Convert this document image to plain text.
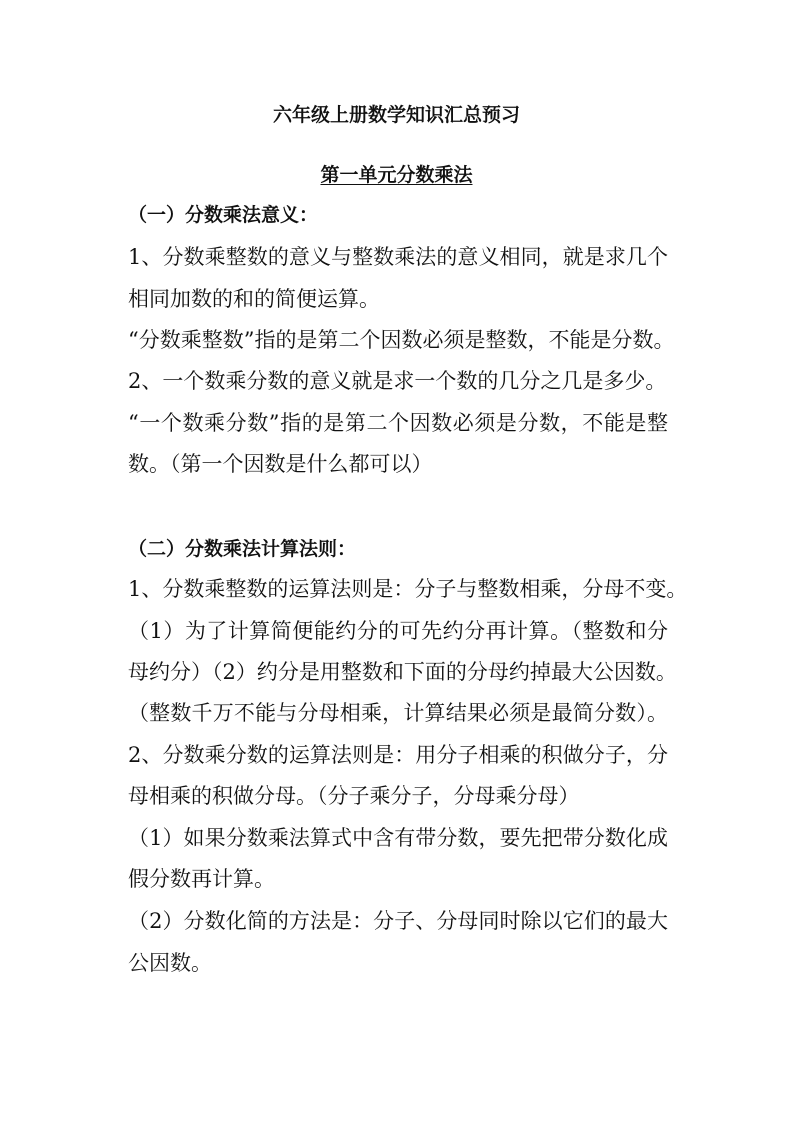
六年级上册数学知识汇总预习
第一单元分数乘法
（一）分数乘法意义：
1、分数乘整数的意义与整数乘法的意义相同，就是求几个
相同加数的和的简便运算。
“分数乘整数”指的是第二个因数必须是整数，不能是分数。
2、一个数乘分数的意义就是求一个数的几分之几是多少。
“一个数乘分数”指的是第二个因数必须是分数，不能是整
数。（第一个因数是什么都可以）
（二）分数乘法计算法则：
1、分数乘整数的运算法则是：分子与整数相乘，分母不变。
（1）为了计算简便能约分的可先约分再计算。（整数和分
母约分）（2）约分是用整数和下面的分母约掉最大公因数。
（整数千万不能与分母相乘，计算结果必须是最简分数）。
2、分数乘分数的运算法则是：用分子相乘的积做分子，分
母相乘的积做分母。（分子乘分子，分母乘分母）
（1）如果分数乘法算式中含有带分数，要先把带分数化成
假分数再计算。
（2）分数化简的方法是：分子、分母同时除以它们的最大
公因数。
